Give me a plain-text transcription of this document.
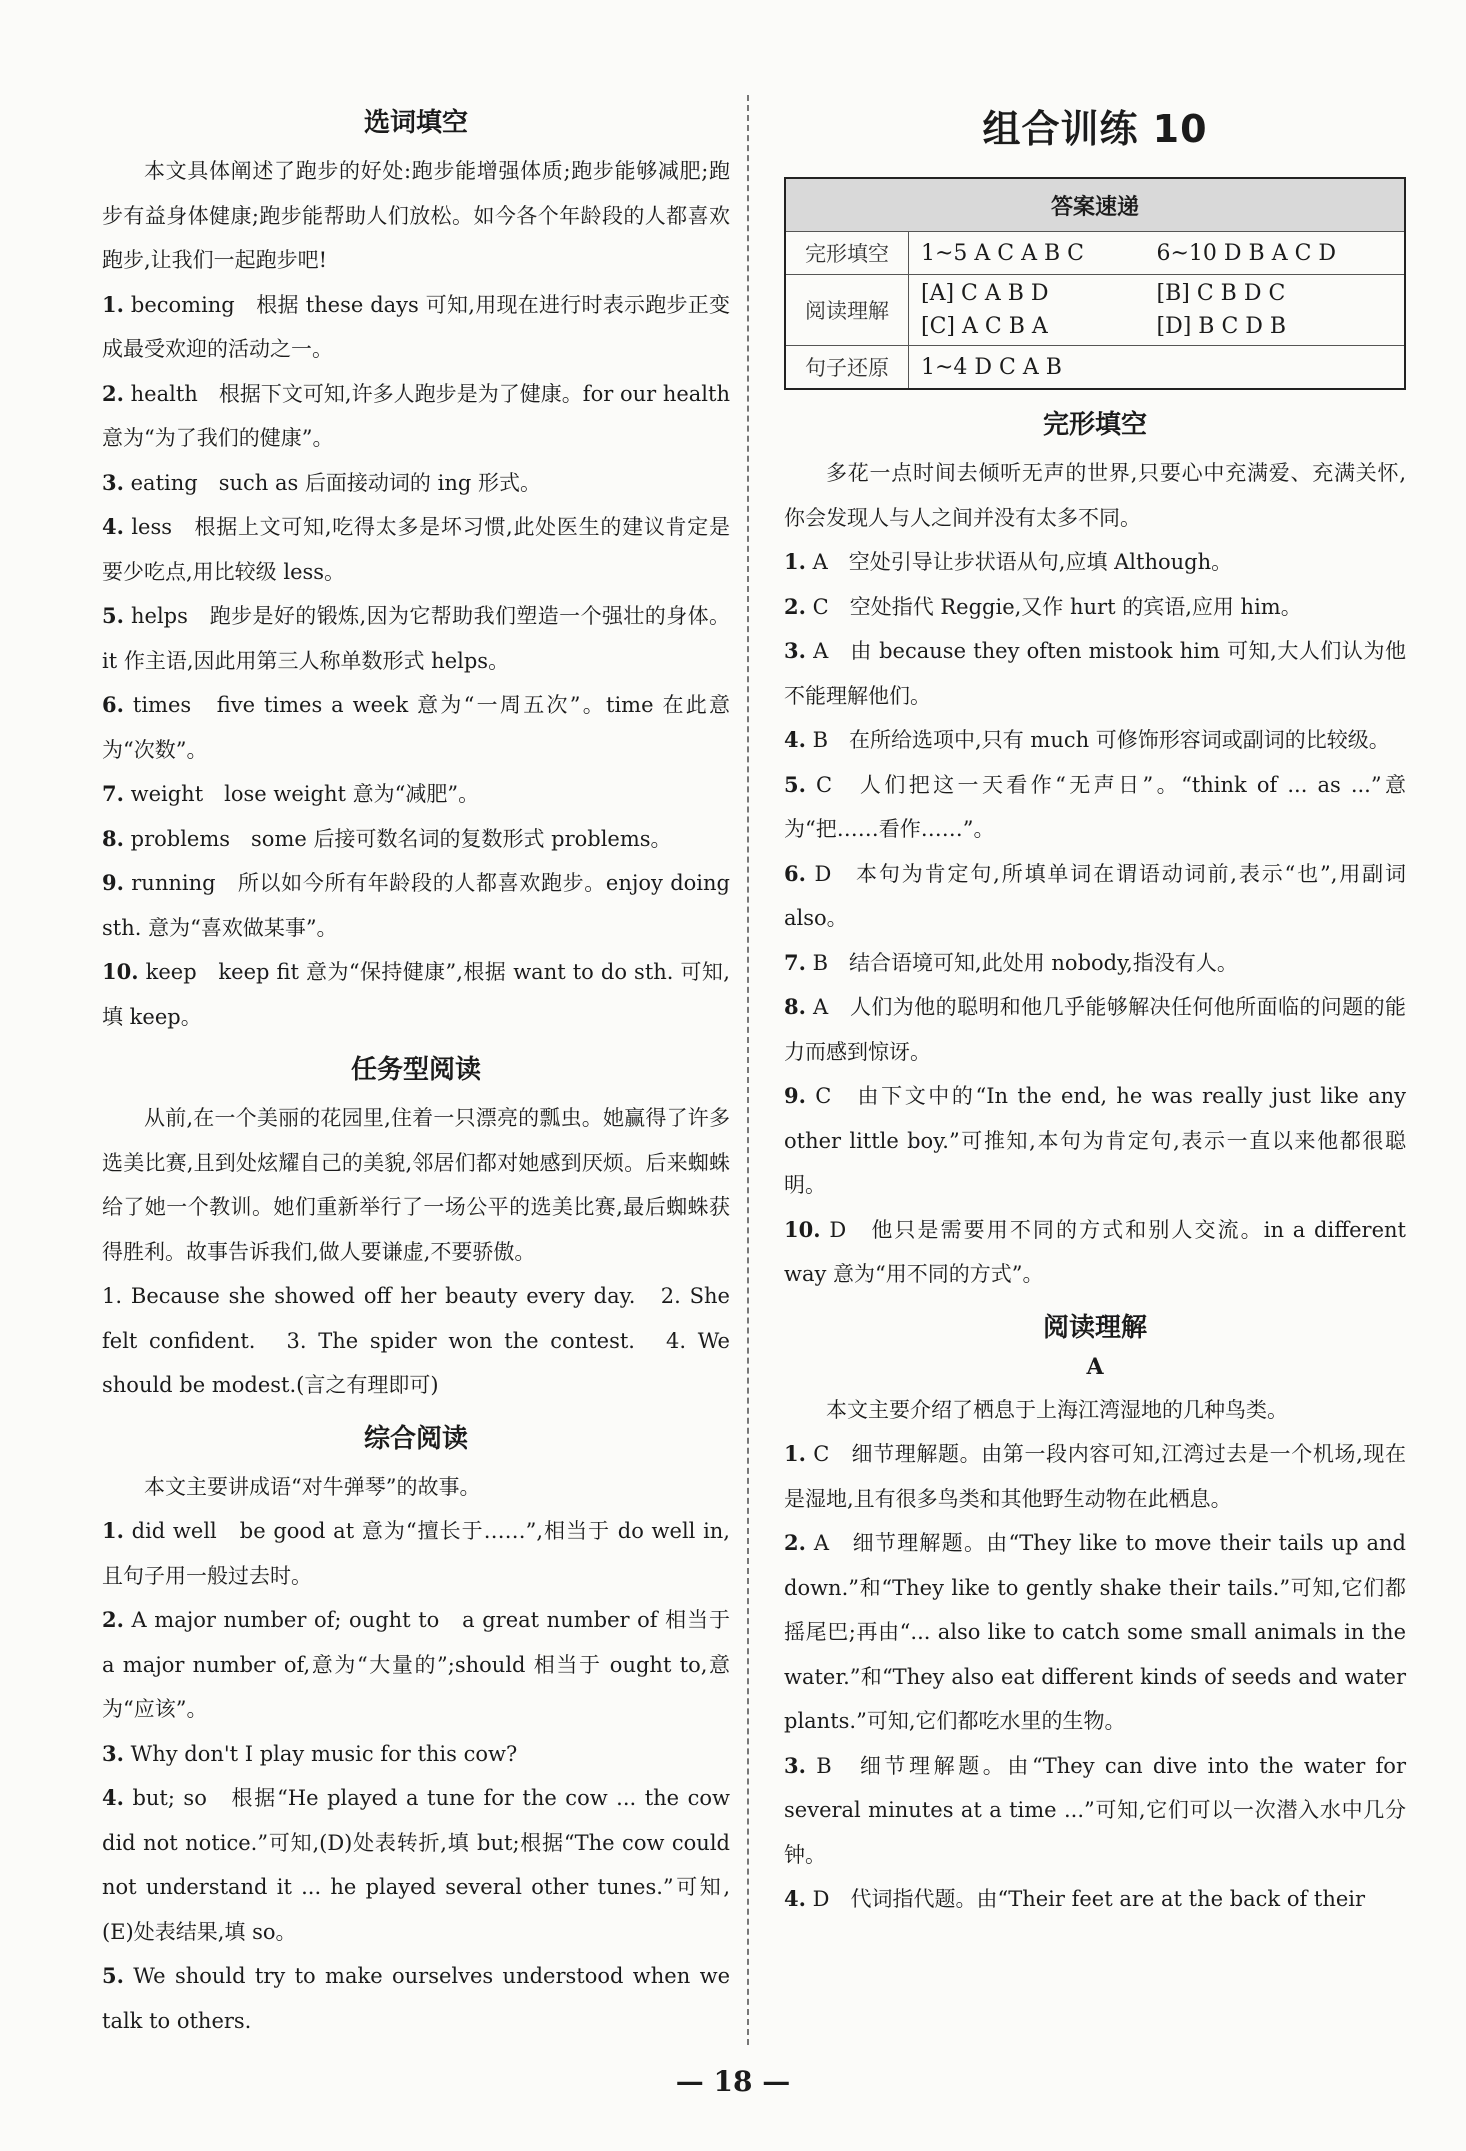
选词填空

本文具体阐述了跑步的好处:跑步能增强体质;跑步能够减肥;跑步有益身体健康;跑步能帮助人们放松。如今各个年龄段的人都喜欢跑步,让我们一起跑步吧!

1. becoming　根据 these days 可知,用现在进行时表示跑步正变成最受欢迎的活动之一。

2. health　根据下文可知,许多人跑步是为了健康。for our health 意为“为了我们的健康”。

3. eating　such as 后面接动词的 ing 形式。

4. less　根据上文可知,吃得太多是坏习惯,此处医生的建议肯定是要少吃点,用比较级 less。

5. helps　跑步是好的锻炼,因为它帮助我们塑造一个强壮的身体。it 作主语,因此用第三人称单数形式 helps。

6. times　five times a week 意为“一周五次”。time 在此意为“次数”。

7. weight　lose weight 意为“减肥”。

8. problems　some 后接可数名词的复数形式 problems。

9. running　所以如今所有年龄段的人都喜欢跑步。enjoy doing sth. 意为“喜欢做某事”。

10. keep　keep fit 意为“保持健康”,根据 want to do sth. 可知,填 keep。

任务型阅读

从前,在一个美丽的花园里,住着一只漂亮的瓢虫。她赢得了许多选美比赛,且到处炫耀自己的美貌,邻居们都对她感到厌烦。后来蜘蛛给了她一个教训。她们重新举行了一场公平的选美比赛,最后蜘蛛获得胜利。故事告诉我们,做人要谦虚,不要骄傲。

1. Because she showed off her beauty every day.　2. She felt confident.　3. The spider won the contest.　4. We should be modest.(言之有理即可)

综合阅读

本文主要讲成语“对牛弹琴”的故事。

1. did well　be good at 意为“擅长于……”,相当于 do well in,且句子用一般过去时。

2. A major number of; ought to　a great number of 相当于 a major number of,意为“大量的”;should 相当于 ought to,意为“应该”。

3. Why don't I play music for this cow?

4. but; so　根据“He played a tune for the cow ... the cow did not notice.”可知,(D)处表转折,填 but;根据“The cow could not understand it ... he played several other tunes.”可知,(E)处表结果,填 so。

5. We should try to make ourselves understood when we talk to others.

组合训练 10
答案速递	
完形填空	1~5 A C A B C 6~10 D B A C D

阅读理解	[A] C A B D [B] C B D C
[C] A C B A [D] B C D B

句子还原	1~4 D C A B
完形填空

多花一点时间去倾听无声的世界,只要心中充满爱、充满关怀,你会发现人与人之间并没有太多不同。

1. A　空处引导让步状语从句,应填 Although。

2. C　空处指代 Reggie,又作 hurt 的宾语,应用 him。

3. A　由 because they often mistook him 可知,大人们认为他不能理解他们。

4. B　在所给选项中,只有 much 可修饰形容词或副词的比较级。

5. C　人们把这一天看作“无声日”。“think of ... as ...”意为“把……看作……”。

6. D　本句为肯定句,所填单词在谓语动词前,表示“也”,用副词 also。

7. B　结合语境可知,此处用 nobody,指没有人。

8. A　人们为他的聪明和他几乎能够解决任何他所面临的问题的能力而感到惊讶。

9. C　由下文中的“In the end, he was really just like any other little boy.”可推知,本句为肯定句,表示一直以来他都很聪明。

10. D　他只是需要用不同的方式和别人交流。in a different way 意为“用不同的方式”。

阅读理解
A

本文主要介绍了栖息于上海江湾湿地的几种鸟类。

1. C　细节理解题。由第一段内容可知,江湾过去是一个机场,现在是湿地,且有很多鸟类和其他野生动物在此栖息。

2. A　细节理解题。由“They like to move their tails up and down.”和“They like to gently shake their tails.”可知,它们都摇尾巴;再由“... also like to catch some small animals in the water.”和“They also eat different kinds of seeds and water plants.”可知,它们都吃水里的生物。

3. B　细节理解题。由“They can dive into the water for several minutes at a time ...”可知,它们可以一次潜入水中几分钟。

4. D　代词指代题。由“Their feet are at the back of their

— 18 —
